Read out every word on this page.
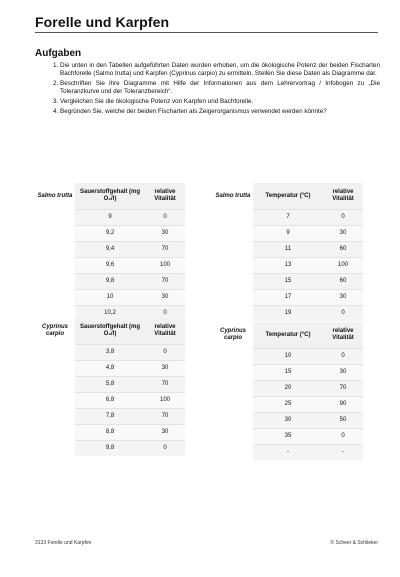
Forelle und Karpfen
Aufgaben
1. Die unten in den Tabellen aufgeführten Daten wurden erhoben, um die ökologische Potenz der beiden Fischarten Bachforelle (Salmo trutta) und Karpfen (Cyprinus carpio) zu ermitteln. Stellen Sie diese Daten als Diagramme dar.
2. Beschriften Sie ihre Diagramme mit Hilfe der Informationen aus dem Lehrervortrag / Infobogen zu „Die Toleranzkurve und der Toleranzbereich“.
3. Vergleichen Sie die ökologische Potenz von Karpfen und Bachforelle.
4. Begründen Sie, welche der beiden Fischarten als Zeigerorganismus verwendet werden könnte?
Salmo trutta	Sauerstoffgehalt (mg O₂/l)	relative Vitalität
	9	0
	9,2	30
	9,4	70
	9,6	100
	9,8	70
	10	30
	10,2	0
Salmo trutta	Temperatur (°C)	relative Vitalität
	7	0
	9	30
	11	60
	13	100
	15	60
	17	30
	19	0
Cyprinus carpio	Sauerstoffgehalt (mg O₂/l)	relative Vitalität
	3,8	0
	4,8	30
	5,8	70
	6,8	100
	7,8	70
	8,8	30
	9,8	0
Cyprinus carpio	Temperatur (°C)	relative Vitalität
	10	0
	15	30
	20	70
	25	90
	30	50
	35	0
	-	-
3133 Forelle und Karpfen	© Scheer & Schlieker
